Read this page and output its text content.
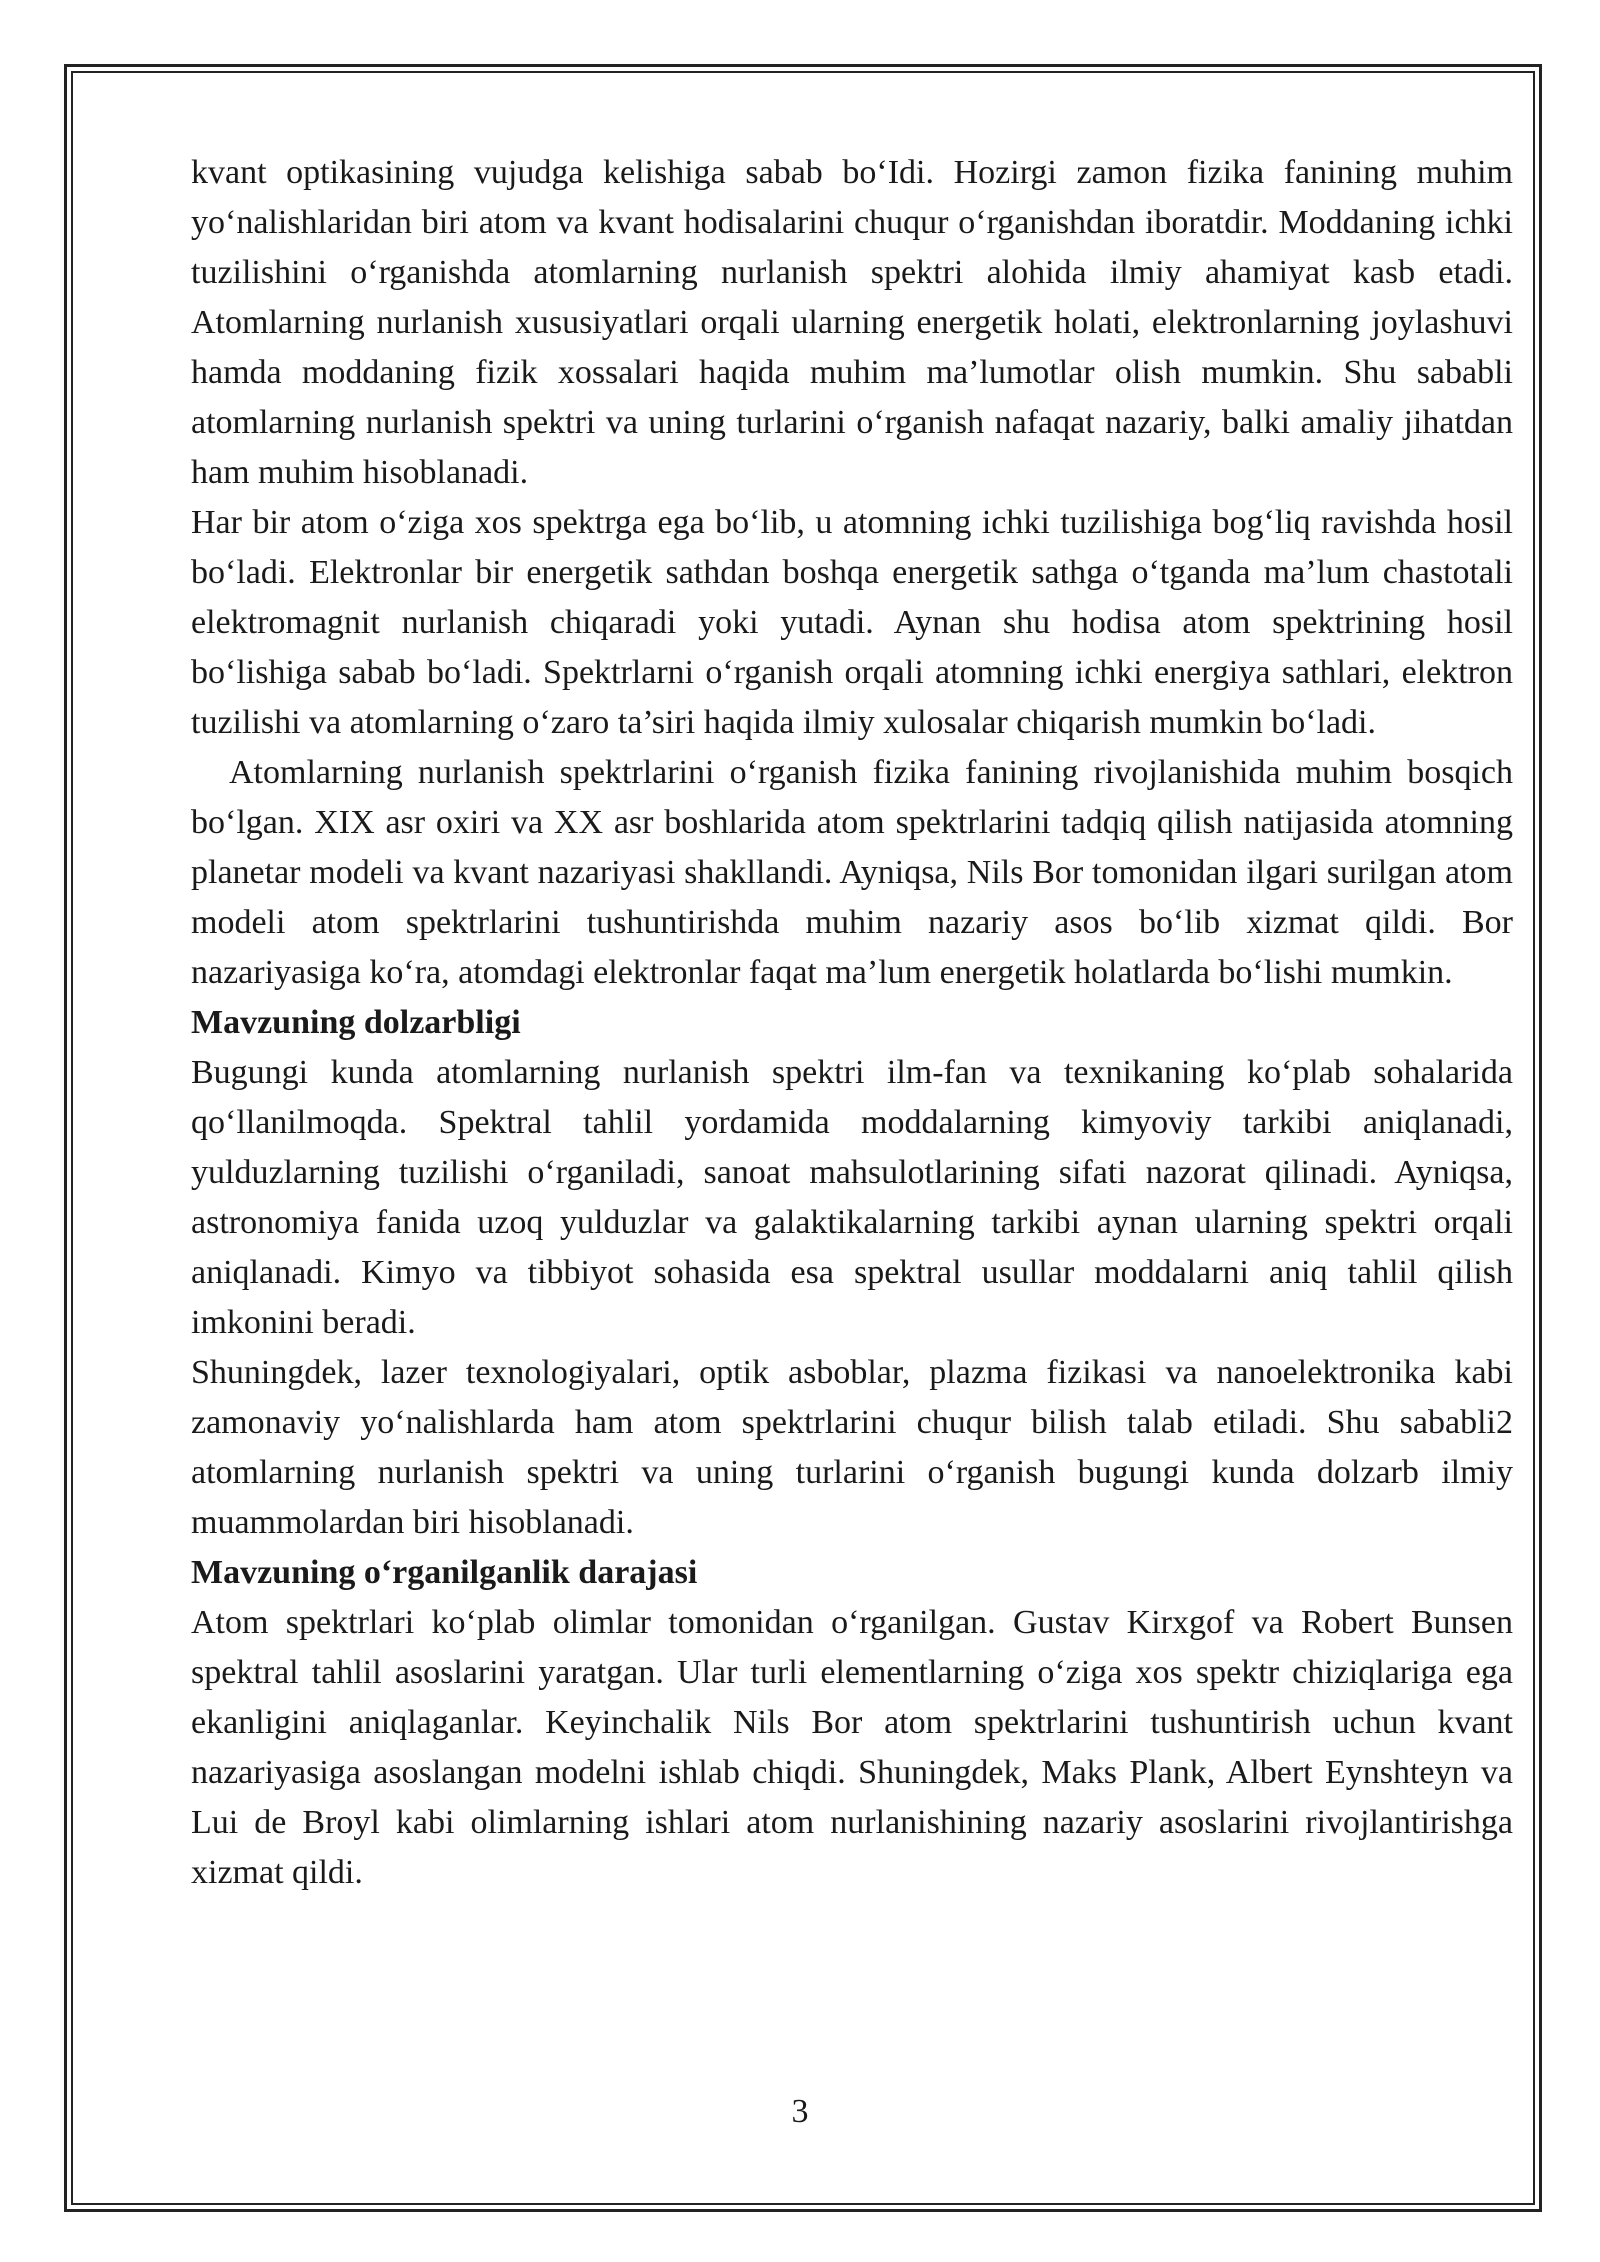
kvant optikasining vujudga kelishiga sabab bo‘Idi. Hozirgi zamon fizika fanining muhim yo‘nalishlaridan biri atom va kvant hodisalarini chuqur o‘rganishdan iboratdir. Moddaning ichki tuzilishini o‘rganishda atomlarning nurlanish spektri alohida ilmiy ahamiyat kasb etadi. Atomlarning nurlanish xususiyatlari orqali ularning energetik holati, elektronlarning joylashuvi hamda moddaning fizik xossalari haqida muhim ma’lumotlar olish mumkin. Shu sababli atomlarning nurlanish spektri va uning turlarini o‘rganish nafaqat nazariy, balki amaliy jihatdan ham muhim hisoblanadi.

Har bir atom o‘ziga xos spektrga ega bo‘lib, u atomning ichki tuzilishiga bog‘liq ravishda hosil bo‘ladi. Elektronlar bir energetik sathdan boshqa energetik sathga o‘tganda ma’lum chastotali elektromagnit nurlanish chiqaradi yoki yutadi. Aynan shu hodisa atom spektrining hosil bo‘lishiga sabab bo‘ladi. Spektrlarni o‘rganish orqali atomning ichki energiya sathlari, elektron tuzilishi va atomlarning o‘zaro ta’siri haqida ilmiy xulosalar chiqarish mumkin bo‘ladi.

Atomlarning nurlanish spektrlarini o‘rganish fizika fanining rivojlanishida muhim bosqich bo‘lgan. XIX asr oxiri va XX asr boshlarida atom spektrlarini tadqiq qilish natijasida atomning planetar modeli va kvant nazariyasi shakllandi. Ayniqsa, Nils Bor tomonidan ilgari surilgan atom modeli atom spektrlarini tushuntirishda muhim nazariy asos bo‘lib xizmat qildi. Bor nazariyasiga ko‘ra, atomdagi elektronlar faqat ma’lum energetik holatlarda bo‘lishi mumkin.

Mavzuning dolzarbligi

Bugungi kunda atomlarning nurlanish spektri ilm-fan va texnikaning ko‘plab sohalarida qo‘llanilmoqda. Spektral tahlil yordamida moddalarning kimyoviy tarkibi aniqlanadi, yulduzlarning tuzilishi o‘rganiladi, sanoat mahsulotlarining sifati nazorat qilinadi. Ayniqsa, astronomiya fanida uzoq yulduzlar va galaktikalarning tarkibi aynan ularning spektri orqali aniqlanadi. Kimyo va tibbiyot sohasida esa spektral usullar moddalarni aniq tahlil qilish imkonini beradi.

Shuningdek, lazer texnologiyalari, optik asboblar, plazma fizikasi va nanoelektronika kabi zamonaviy yo‘nalishlarda ham atom spektrlarini chuqur bilish talab etiladi. Shu sababli2 atomlarning nurlanish spektri va uning turlarini o‘rganish bugungi kunda dolzarb ilmiy muammolardan biri hisoblanadi.

Mavzuning o‘rganilganlik darajasi

Atom spektrlari ko‘plab olimlar tomonidan o‘rganilgan. Gustav Kirxgof va Robert Bunsen spektral tahlil asoslarini yaratgan. Ular turli elementlarning o‘ziga xos spektr chiziqlariga ega ekanligini aniqlaganlar. Keyinchalik Nils Bor atom spektrlarini tushuntirish uchun kvant nazariyasiga asoslangan modelni ishlab chiqdi. Shuningdek, Maks Plank, Albert Eynshteyn va Lui de Broyl kabi olimlarning ishlari atom nurlanishining nazariy asoslarini rivojlantirishga xizmat qildi.

3
